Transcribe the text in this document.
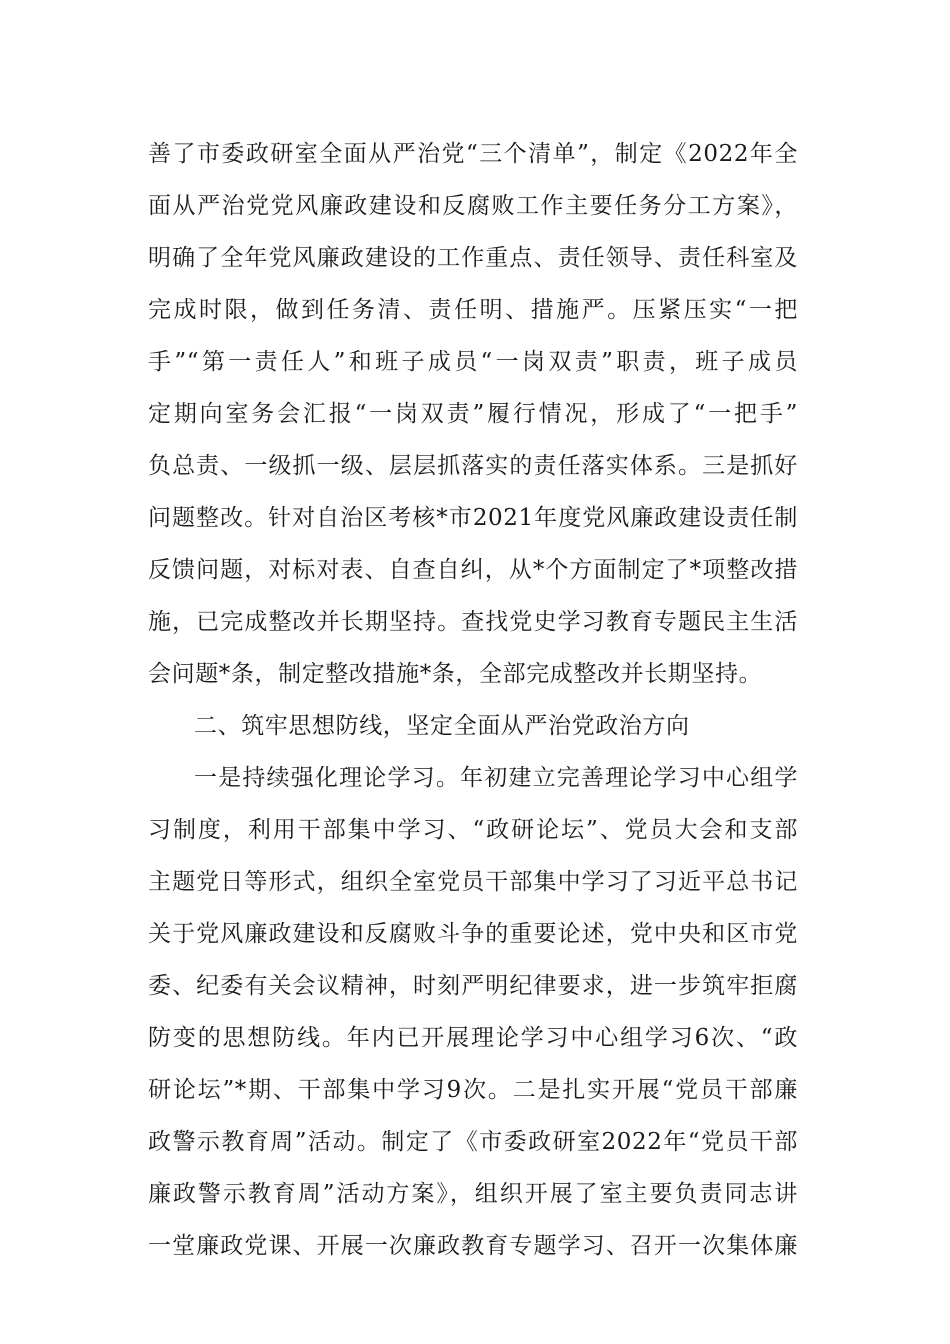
善了市委政研室全面从严治党“三个清单”，制定《2022年全
面从严治党党风廉政建设和反腐败工作主要任务分工方案》，
明确了全年党风廉政建设的工作重点、责任领导、责任科室及
完成时限，做到任务清、责任明、措施严。压紧压实“一把
手”“第一责任人”和班子成员“一岗双责”职责，班子成员
定期向室务会汇报“一岗双责”履行情况，形成了“一把手”
负总责、一级抓一级、层层抓落实的责任落实体系。三是抓好
问题整改。针对自治区考核*市2021年度党风廉政建设责任制
反馈问题，对标对表、自查自纠，从*个方面制定了*项整改措
施，已完成整改并长期坚持。查找党史学习教育专题民主生活
会问题*条，制定整改措施*条，全部完成整改并长期坚持。
二、筑牢思想防线，坚定全面从严治党政治方向
一是持续强化理论学习。年初建立完善理论学习中心组学
习制度，利用干部集中学习、“政研论坛”、党员大会和支部
主题党日等形式，组织全室党员干部集中学习了习近平总书记
关于党风廉政建设和反腐败斗争的重要论述，党中央和区市党
委、纪委有关会议精神，时刻严明纪律要求，进一步筑牢拒腐
防变的思想防线。年内已开展理论学习中心组学习6次、“政
研论坛”*期、干部集中学习9次。二是扎实开展“党员干部廉
政警示教育周”活动。制定了《市委政研室2022年“党员干部
廉政警示教育周”活动方案》，组织开展了室主要负责同志讲
一堂廉政党课、开展一次廉政教育专题学习、召开一次集体廉
